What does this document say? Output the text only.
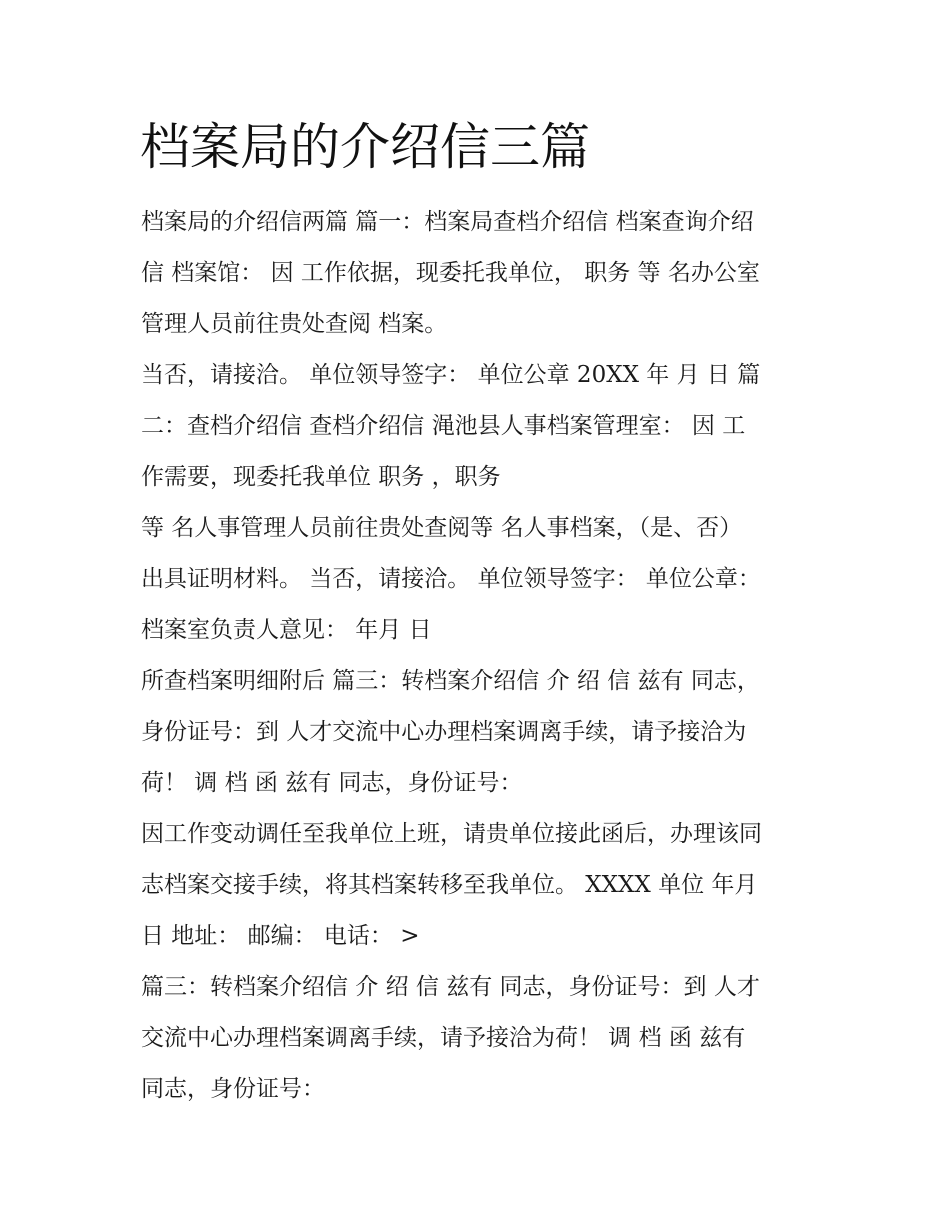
档案局的介绍信三篇
档案局的介绍信两篇 篇一：档案局查档介绍信 档案查询介绍
信 档案馆： 因 工作依据，现委托我单位， 职务 等 名办公室
管理人员前往贵处查阅 档案。
当否，请接洽。 单位领导签字： 单位公章 20XX 年 月 日 篇
二：查档介绍信 查档介绍信 渑池县人事档案管理室： 因 工
作需要，现委托我单位 职务 ，职务
等 名人事管理人员前往贵处查阅等 名人事档案，（是、否）
出具证明材料。 当否，请接洽。 单位领导签字： 单位公章：
档案室负责人意见： 年月 日
所查档案明细附后 篇三：转档案介绍信 介 绍 信 兹有 同志，
身份证号：到 人才交流中心办理档案调离手续，请予接洽为
荷！ 调 档 函 兹有 同志，身份证号：
因工作变动调任至我单位上班，请贵单位接此函后，办理该同
志档案交接手续，将其档案转移至我单位。 XXXX 单位 年月
日 地址： 邮编： 电话： >
篇三：转档案介绍信 介 绍 信 兹有 同志，身份证号：到 人才
交流中心办理档案调离手续，请予接洽为荷！ 调 档 函 兹有
同志，身份证号：
